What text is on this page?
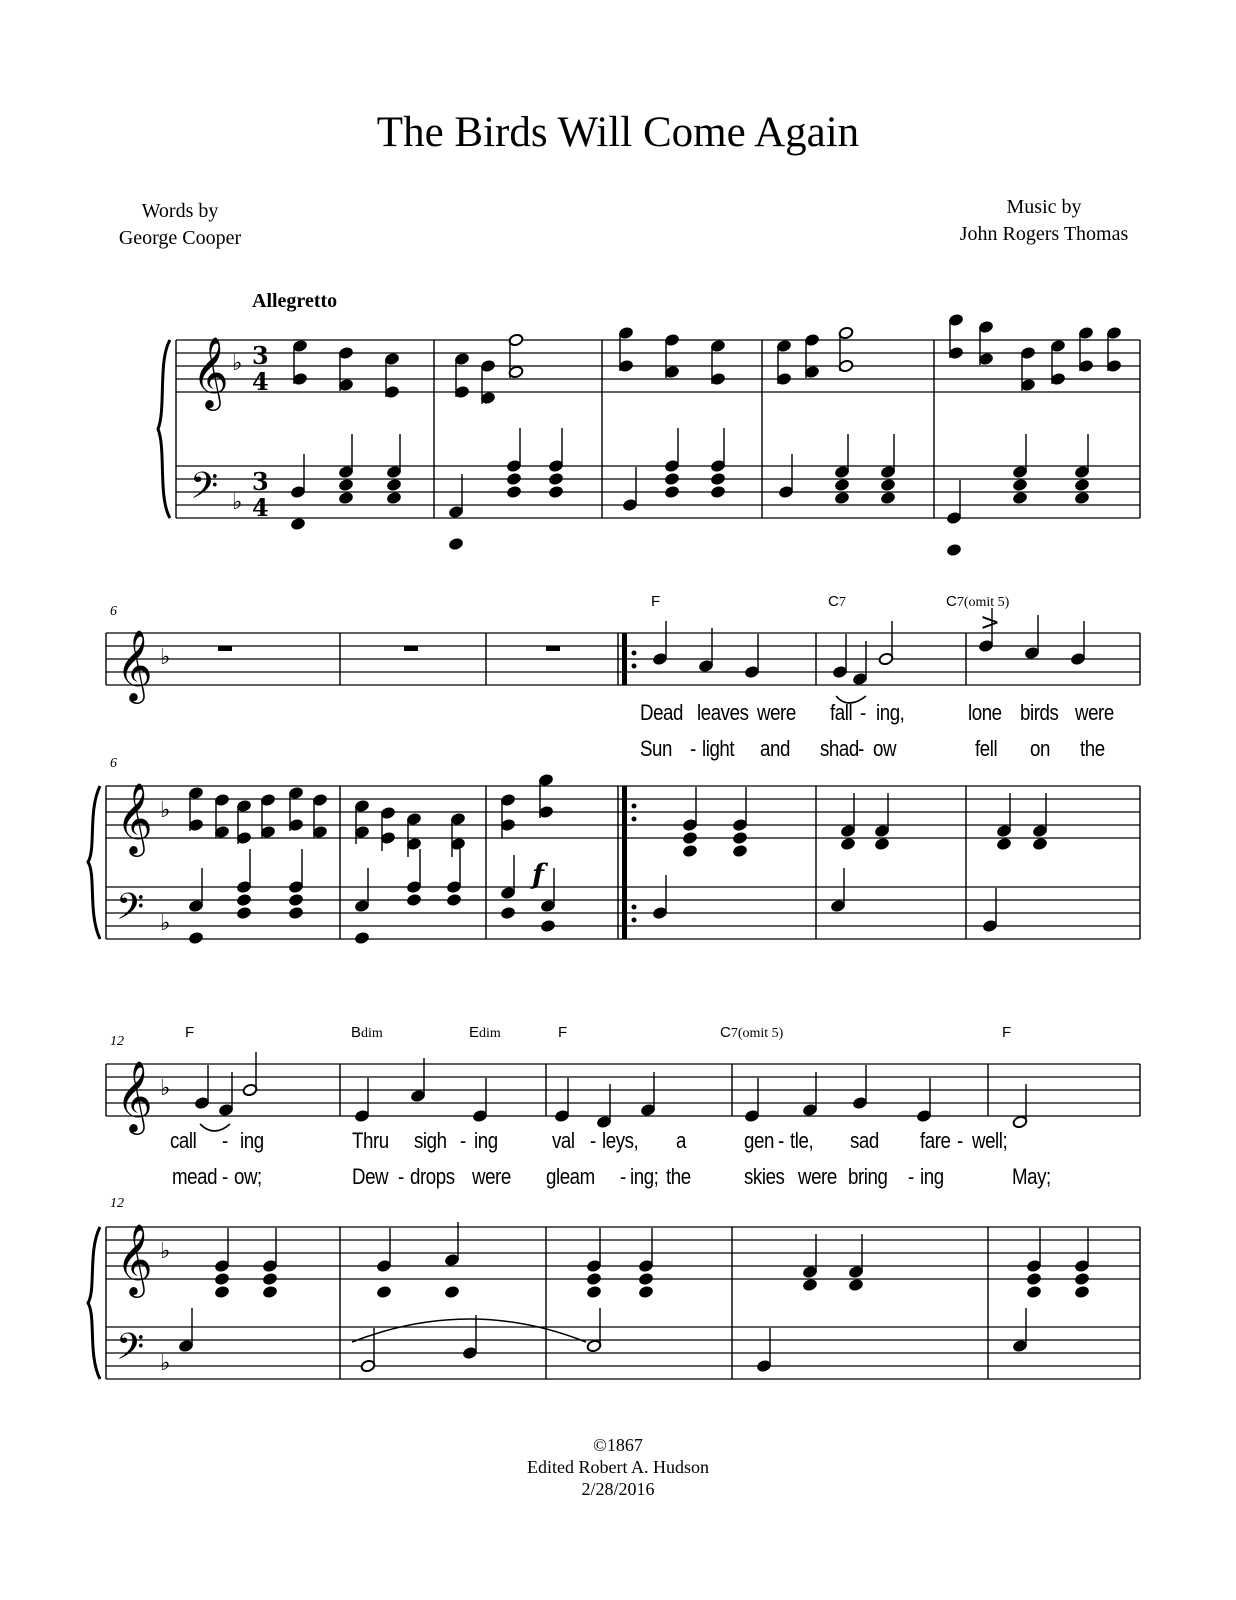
The Birds Will Come Again
Words by
George Cooper
Music by
John Rogers Thomas
Allegretto
𝄞
𝄢
♭
♭
3
4
3
4
𝄞
𝄞
𝄢
♭
♭
♭
𝄞
𝄞
𝄢
♭
♭
♭
6
6
12
12
F	C7	C7(omit 5)
>
Dead leaves were fall - ing,	lone birds were
Sun - light and shad - ow	fell on the
f
F	Bdim	Edim	F	C7(omit 5)	F
call - ing	Thru sigh - ing val - leys, a	gen - tle, sad fare - well;
mead - ow;	Dew - drops were gleam - ing; the skies were bring - ing	May;
©1867
Edited Robert A. Hudson
2/28/2016
